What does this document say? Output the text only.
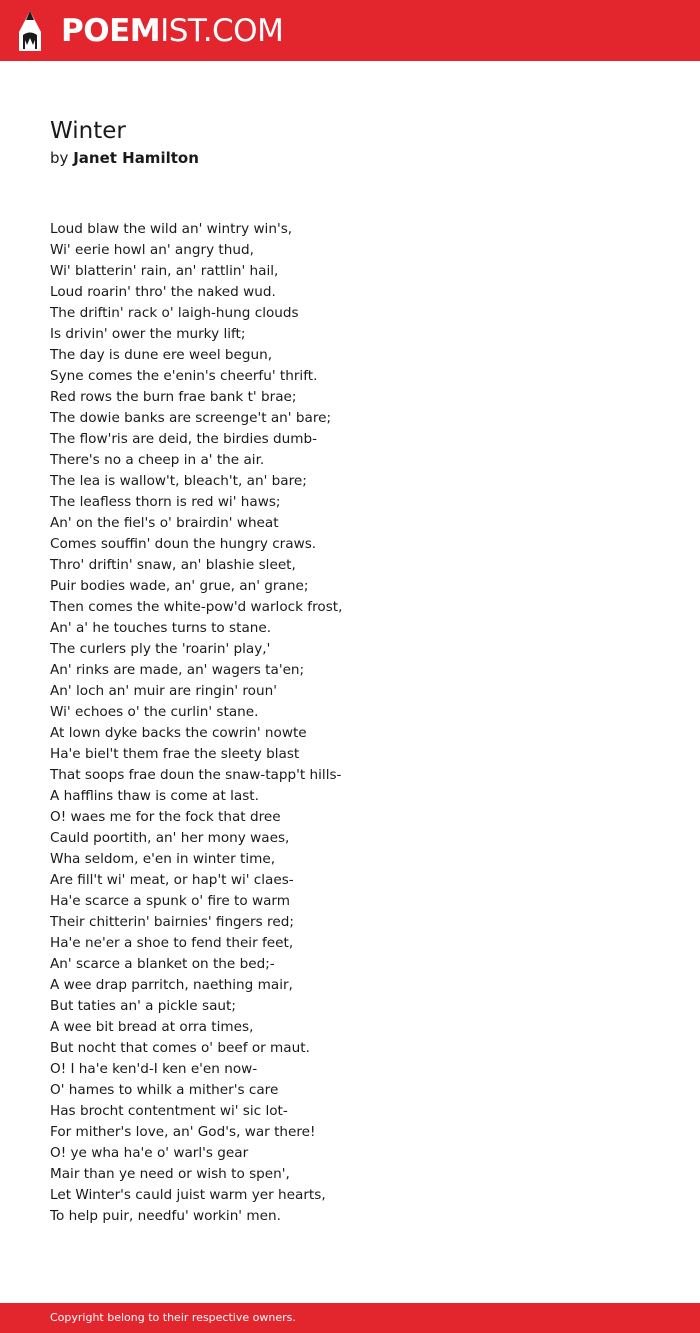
POEMIST.COM
Winter
by Janet Hamilton
Loud blaw the wild an' wintry win's,
Wi' eerie howl an' angry thud,
Wi' blatterin' rain, an' rattlin' hail,
Loud roarin' thro' the naked wud.
The driftin' rack o' laigh-hung clouds
Is drivin' ower the murky lift;
The day is dune ere weel begun,
Syne comes the e'enin's cheerfu' thrift.
Red rows the burn frae bank t' brae;
The dowie banks are screenge't an' bare;
The flow'ris are deid, the birdies dumb-
There's no a cheep in a' the air.
The lea is wallow't, bleach't, an' bare;
The leafless thorn is red wi' haws;
An' on the fiel's o' brairdin' wheat
Comes souffin' doun the hungry craws.
Thro' driftin' snaw, an' blashie sleet,
Puir bodies wade, an' grue, an' grane;
Then comes the white-pow'd warlock frost,
An' a' he touches turns to stane.
The curlers ply the 'roarin' play,'
An' rinks are made, an' wagers ta'en;
An' loch an' muir are ringin' roun'
Wi' echoes o' the curlin' stane.
At lown dyke backs the cowrin' nowte
Ha'e biel't them frae the sleety blast
That soops frae doun the snaw-tapp't hills-
A hafflins thaw is come at last.
O! waes me for the fock that dree
Cauld poortith, an' her mony waes,
Wha seldom, e'en in winter time,
Are fill't wi' meat, or hap't wi' claes-
Ha'e scarce a spunk o' fire to warm
Their chitterin' bairnies' fingers red;
Ha'e ne'er a shoe to fend their feet,
An' scarce a blanket on the bed;-
A wee drap parritch, naething mair,
But taties an' a pickle saut;
A wee bit bread at orra times,
But nocht that comes o' beef or maut.
O! I ha'e ken'd-I ken e'en now-
O' hames to whilk a mither's care
Has brocht contentment wi' sic lot-
For mither's love, an' God's, war there!
O! ye wha ha'e o' warl's gear
Mair than ye need or wish to spen',
Let Winter's cauld juist warm yer hearts,
To help puir, needfu' workin' men.
Copyright belong to their respective owners.
